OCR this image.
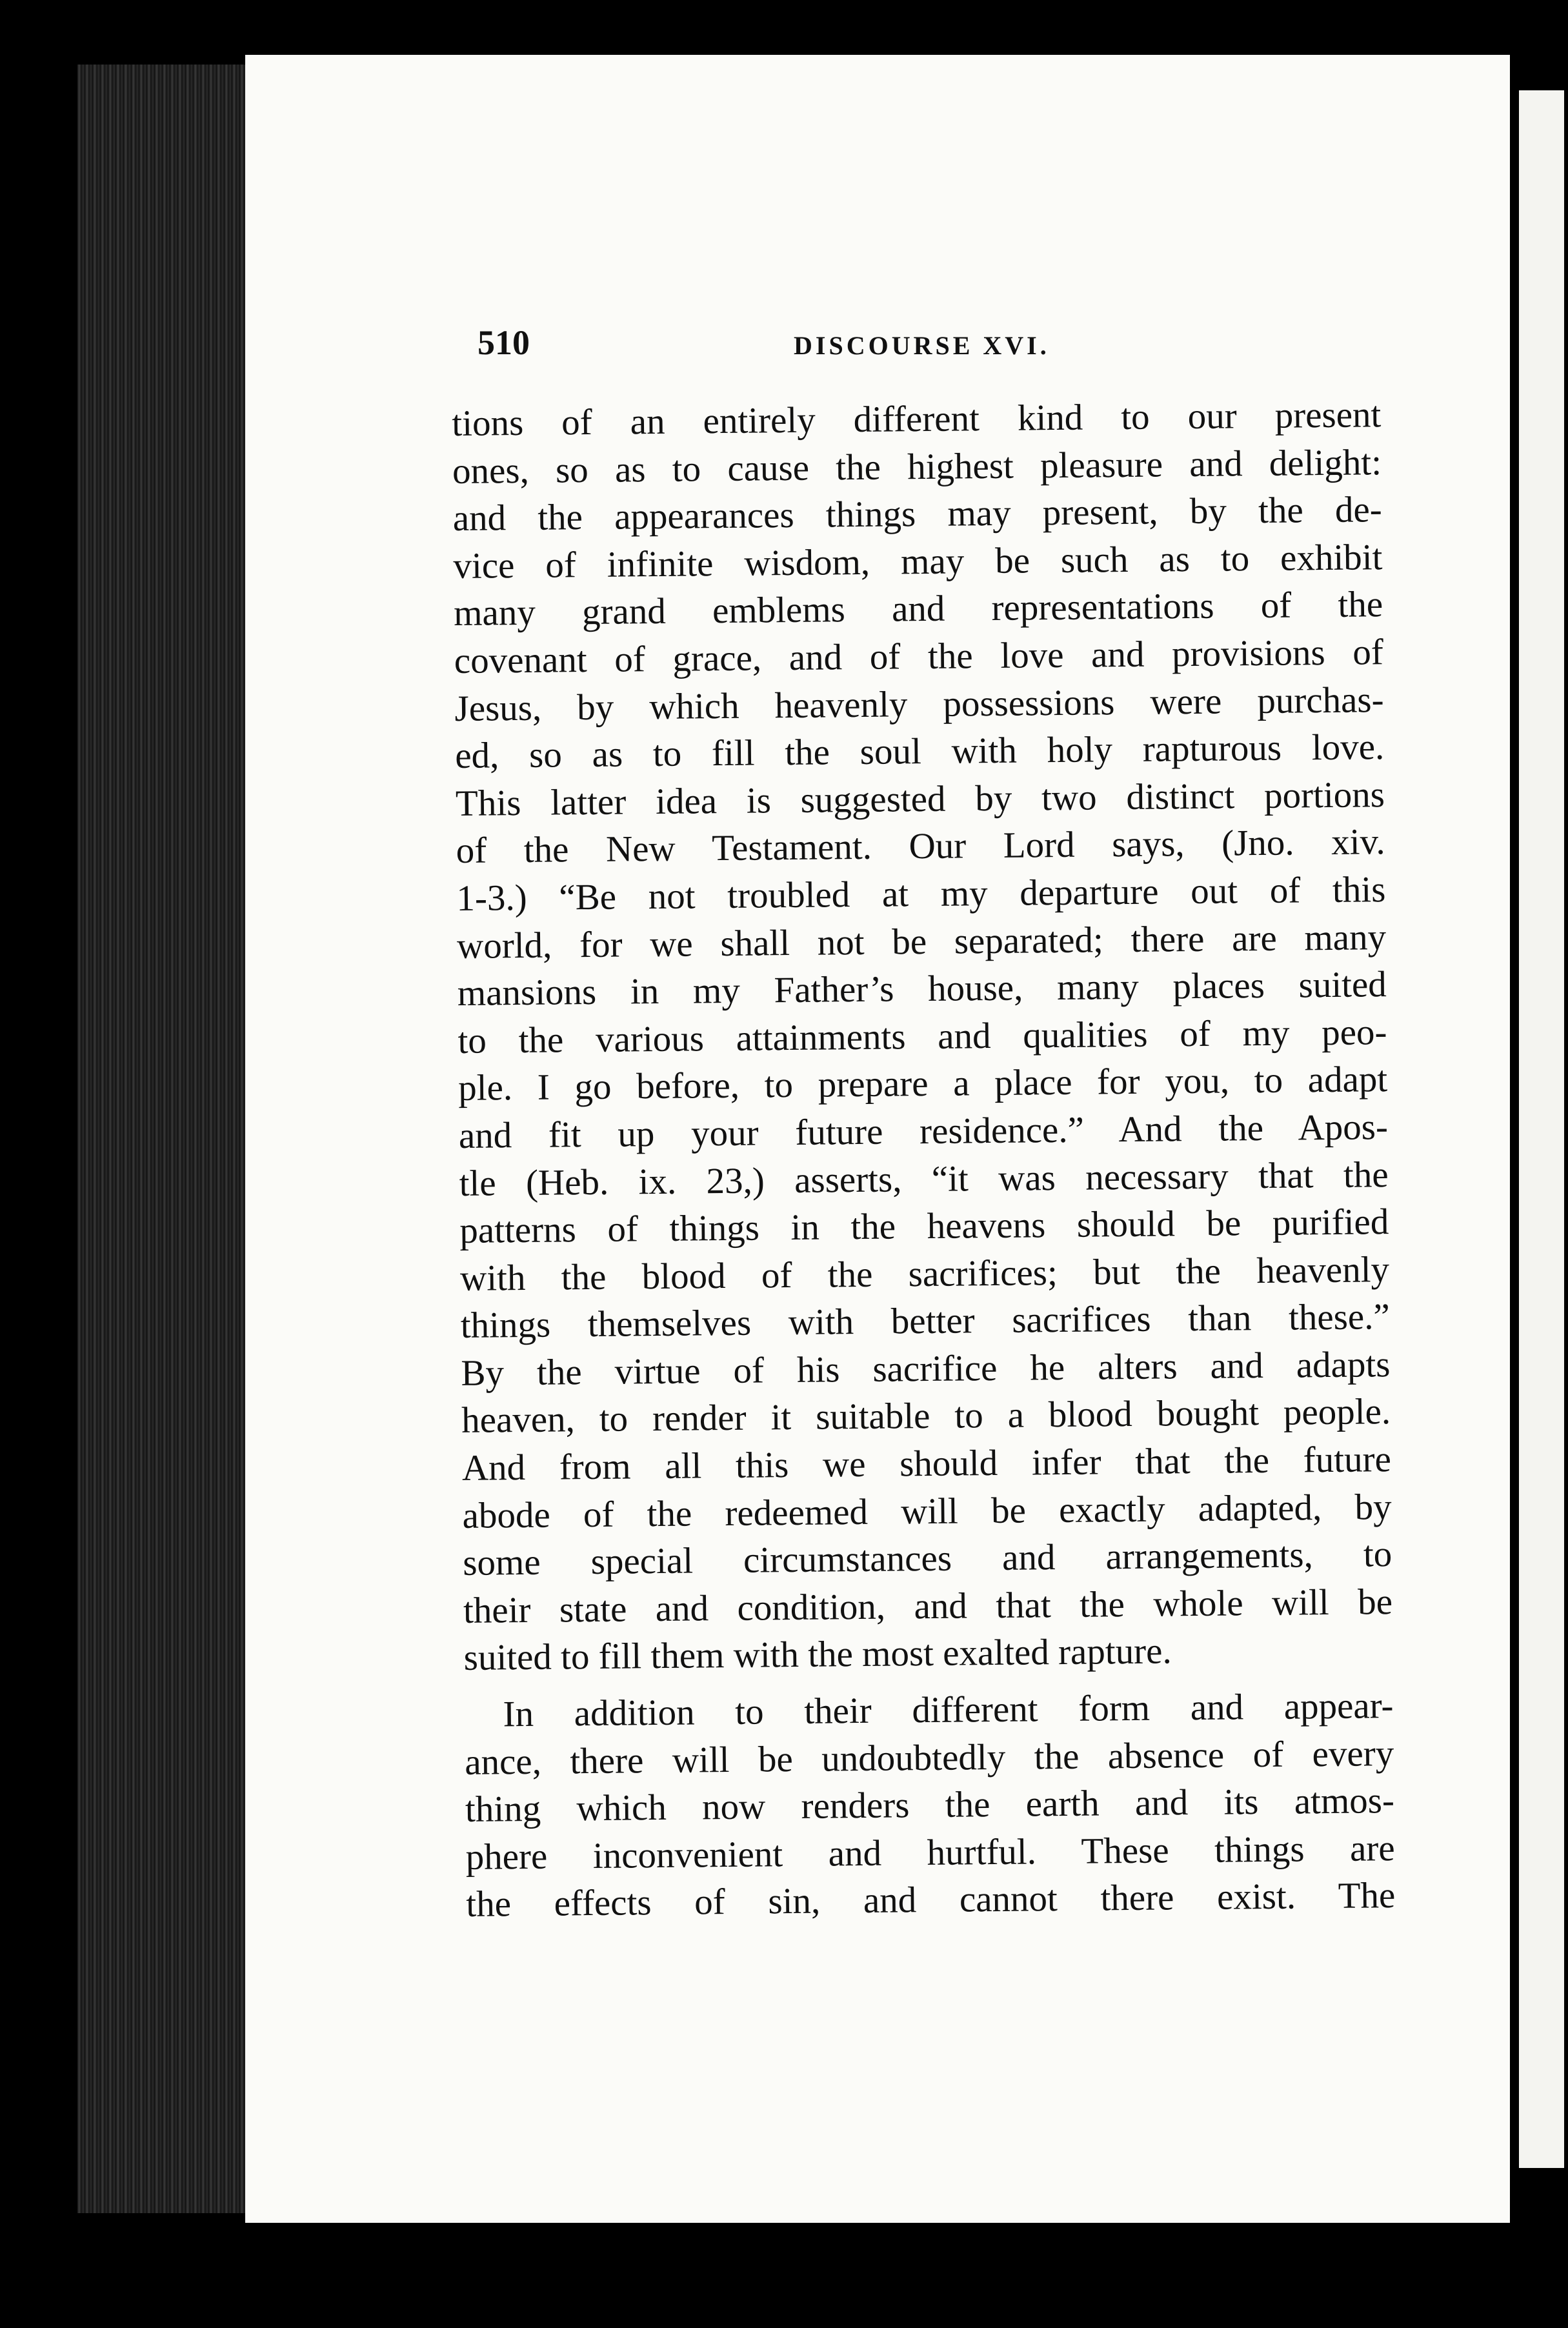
510	DISCOURSE XVI.
tions of an entirely different kind to our present
ones, so as to cause the highest pleasure and delight:
and the appearances things may present, by the de-
vice of infinite wisdom, may be such as to exhibit
many grand emblems and representations of the
covenant of grace, and of the love and provisions of
Jesus, by which heavenly possessions were purchas-
ed, so as to fill the soul with holy rapturous love.
This latter idea is suggested by two distinct portions
of the New Testament. Our Lord says, (Jno. xiv.
1-3.) “Be not troubled at my departure out of this
world, for we shall not be separated; there are many
mansions in my Father’s house, many places suited
to the various attainments and qualities of my peo-
ple. I go before, to prepare a place for you, to adapt
and fit up your future residence.” And the Apos-
tle (Heb. ix. 23,) asserts, “it was necessary that the
patterns of things in the heavens should be purified
with the blood of the sacrifices; but the heavenly
things themselves with better sacrifices than these.”
By the virtue of his sacrifice he alters and adapts
heaven, to render it suitable to a blood bought people.
And from all this we should infer that the future
abode of the redeemed will be exactly adapted, by
some special circumstances and arrangements, to
their state and condition, and that the whole will be
suited to fill them with the most exalted rapture.
In addition to their different form and appear-
ance, there will be undoubtedly the absence of every
thing which now renders the earth and its atmos-
phere inconvenient and hurtful. These things are
the effects of sin, and cannot there exist. The
